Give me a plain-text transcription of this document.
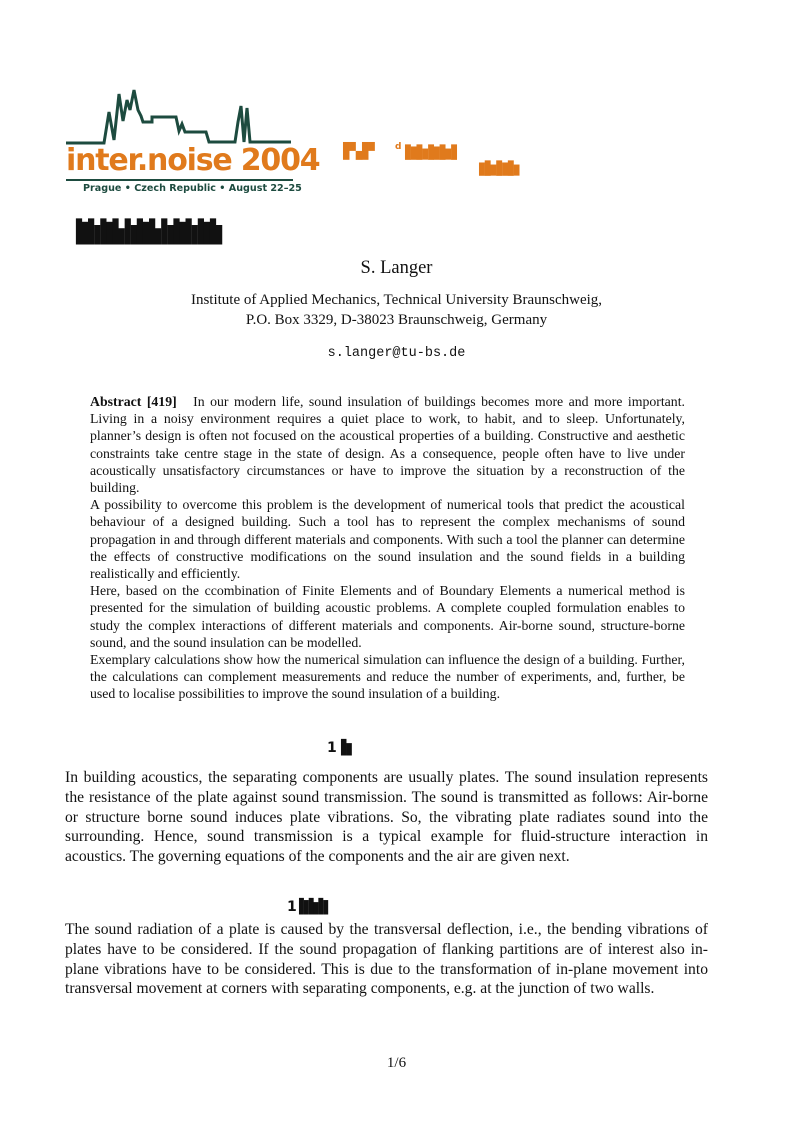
inter.noise 2004
Prague • Czech Republic • August 22–25
█▀▄█▀ d ▇▆▇▅▇▆▇▅▇
▆▇▅▇▆▇▅
█▇█▆█▇█▅█▆█▇█▅█▆█▇█▆█▇█▆
S. Langer
Institute of Applied Mechanics, Technical University Braunschweig,
P.O. Box 3329, D-38023 Braunschweig, Germany
s.langer@tu-bs.de

Abstract [419] In our modern life, sound insulation of buildings becomes more and more important. Living in a noisy environment requires a quiet place to work, to habit, and to sleep. Unfortunately, planner’s design is often not focused on the acoustical properties of a building. Constructive and aesthetic constraints take centre stage in the state of design. As a consequence, people often have to live under acoustically unsatisfactory circumstances or have to improve the situation by a reconstruction of the building.

A possibility to overcome this problem is the development of numerical tools that predict the acoustical behaviour of a designed building. Such a tool has to represent the complex mechanisms of sound propagation in and through different materials and components. With such a tool the planner can determine the effects of constructive modifications on the sound insulation and the sound fields in a building realistically and efficiently.

Here, based on the ccombination of Finite Elements and of Boundary Elements a numerical method is presented for the simulation of building acoustic problems. A complete coupled formulation enables to study the complex interactions of different materials and components. Air-borne sound, structure-borne sound, and the sound insulation can be modelled.

Exemplary calculations show how the numerical simulation can influence the design of a building. Further, the calculations can complement measurements and reduce the number of experiments, and, further, be used to localise possibilities to improve the sound insulation of a building.

1 █▆

In building acoustics, the separating components are usually plates. The sound insulation represents the resistance of the plate against sound transmission. The sound is transmitted as follows: Air-borne or structure borne sound induces plate vibrations. So, the vibrating plate radiates sound into the surrounding. Hence, sound transmission is a typical example for fluid-structure interaction in acoustics. The governing equations of the components and the air are given next.

1 █▇█▆█▇

The sound radiation of a plate is caused by the transversal deflection, i.e., the bending vibrations of plates have to be considered. If the sound propagation of flanking partitions are of interest also in-plane vibrations have to be considered. This is due to the transformation of in-plane movement into transversal movement at corners with separating components, e.g. at the junction of two walls.

1/6
